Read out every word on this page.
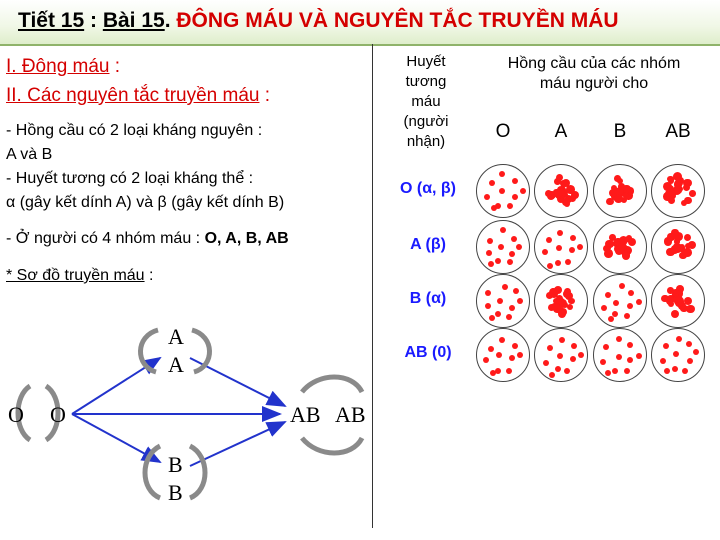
Tiết 15 : Bài 15. ĐÔNG MÁU VÀ NGUYÊN TẮC TRUYỀN MÁU
I. Đông máu :
II. Các nguyên tắc truyền máu :
- Hồng cầu có 2 loại kháng nguyên :
A và B
- Huyết tương có 2 loại kháng thể :
α (gây kết dính A) và β (gây kết dính B)
- Ở người có 4 nhóm máu : O, A, B, AB
* Sơ đồ truyền máu :
A
A
O O	AB AB
B
B
Huyết
tương
máu
(người
nhận)
Hồng cầu của các nhóm
máu người cho
O	A	B	AB
O (α, β)
A (β)
B (α)
AB (0)
